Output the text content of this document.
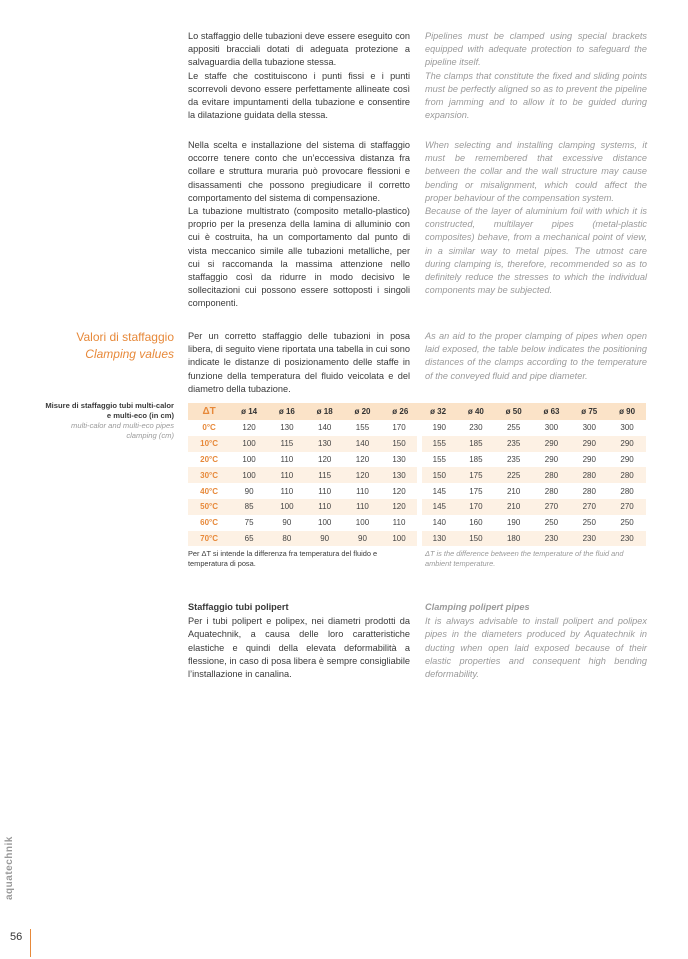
Lo staffaggio delle tubazioni deve essere eseguito con appositi bracciali dotati di adeguata protezione a salvaguardia della tubazione stessa.

Le staffe che costituiscono i punti fissi e i punti scorrevoli devono essere perfettamente allineate così da evitare impuntamenti della tubazione e consentire la dilatazione guidata della stessa.

Pipelines must be clamped using special brackets equipped with adequate protection to safeguard the pipeline itself.

The clamps that constitute the fixed and sliding points must be perfectly aligned so as to prevent the pipeline from jamming and to allow it to be guided during expansion.

Nella scelta e installazione del sistema di staffaggio occorre tenere conto che un’eccessiva distanza fra collare e struttura muraria può provocare flessioni e disassamenti che possono pregiudicare il corretto comportamento del sistema di compensazione.

La tubazione multistrato (composito metallo-plastico) proprio per la presenza della lamina di alluminio con cui è costruita, ha un comportamento dal punto di vista meccanico simile alle tubazioni metalliche, per cui si raccomanda la massima attenzione nello staffaggio così da ridurre in modo decisivo le sollecitazioni cui possono essere sottoposti i singoli componenti.

When selecting and installing clamping systems, it must be remembered that excessive distance between the collar and the wall structure may cause bending or misalignment, which could affect the proper behaviour of the compensation system.

Because of the layer of aluminium foil with which it is constructed, multilayer pipes (metal-plastic composites) behave, from a mechanical point of view, in a similar way to metal pipes. The utmost care during clamping is, therefore, recommended so as to definitely reduce the stresses to which the individual components may be subjected.

Valori di staffaggio
Clamping values
Per un corretto staffaggio delle tubazioni in posa libera, di seguito viene riportata una tabella in cui sono indicate le distanze di posizionamento delle staffe in funzione della temperatura del fluido veicolata e del diametro della tubazione.
As an aid to the proper clamping of pipes when open laid exposed, the table below indicates the positioning distances of the clamps according to the temperature of the conveyed fluid and pipe diameter.
Misure di staffaggio tubi multi-calor e multi-eco (in cm)
multi-calor and multi-eco pipes clamping (cm)
ΔT	ø 14	ø 16	ø 18	ø 20	ø 26	ø 32	ø 40	ø 50	ø 63	ø 75	ø 90
0°C	120	130	140	155	170	190	230	255	300	300	300
10°C	100	115	130	140	150	155	185	235	290	290	290
20°C	100	110	120	120	130	155	185	235	290	290	290
30°C	100	110	115	120	130	150	175	225	280	280	280
40°C	90	110	110	110	120	145	175	210	280	280	280
50°C	85	100	110	110	120	145	170	210	270	270	270
60°C	75	90	100	100	110	140	160	190	250	250	250
70°C	65	80	90	90	100	130	150	180	230	230	230
Per ΔT si intende la differenza fra temperatura del fluido e temperatura di posa.
ΔT is the difference between the temperature of the fluid and ambient temperature.

Staffaggio tubi polipert

Per i tubi polipert e polipex, nei diametri prodotti da Aquatechnik, a causa delle loro caratteristiche elastiche e quindi della elevata deformabilità a flessione, in caso di posa libera è sempre consigliabile l’installazione in canalina.

Clamping polipert pipes

It is always advisable to install polipert and polipex pipes in the diameters produced by Aquatechnik in ducting when open laid exposed because of their elastic properties and consequent high bending deformability.

aquatechnik
56
